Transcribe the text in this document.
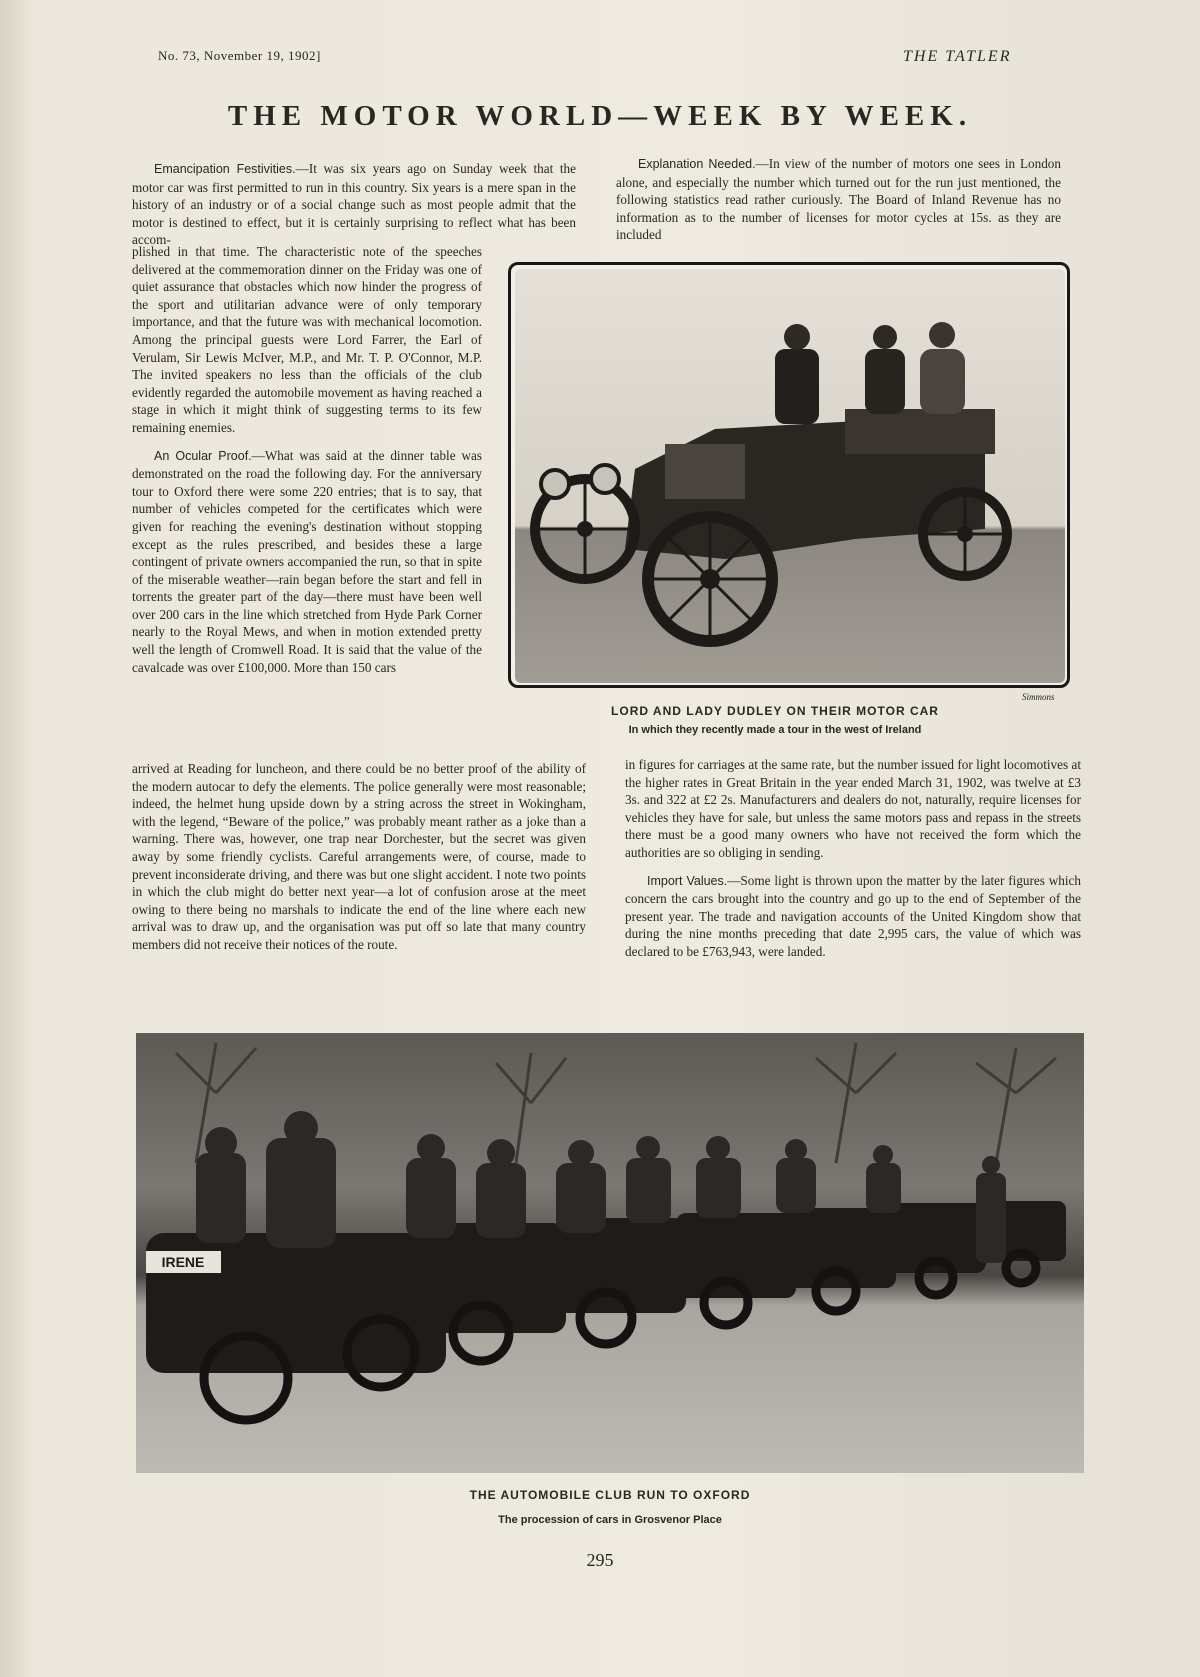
No. 73, November 19, 1902]	THE TATLER
THE MOTOR WORLD—WEEK BY WEEK.

Emancipation Festivities.—It was six years ago on Sunday week that the motor car was first permitted to run in this country. Six years is a mere span in the history of an industry or of a social change such as most people admit that the motor is destined to effect, but it is certainly surprising to reflect what has been accom-

plished in that time. The characteristic note of the speeches delivered at the commemoration dinner on the Friday was one of quiet assurance that obstacles which now hinder the progress of the sport and utilitarian advance were of only temporary importance, and that the future was with mechanical locomotion. Among the principal guests were Lord Farrer, the Earl of Verulam, Sir Lewis McIver, M.P., and Mr. T. P. O'Connor, M.P. The invited speakers no less than the officials of the club evidently regarded the automobile movement as having reached a stage in which it might think of suggesting terms to its few remaining enemies.

An Ocular Proof.—What was said at the dinner table was demonstrated on the road the following day. For the anniversary tour to Oxford there were some 220 entries; that is to say, that number of vehicles competed for the certificates which were given for reaching the evening's destination without stopping except as the rules prescribed, and besides these a large contingent of private owners accompanied the run, so that in spite of the miserable weather—rain began before the start and fell in torrents the greater part of the day—there must have been well over 200 cars in the line which stretched from Hyde Park Corner nearly to the Royal Mews, and when in motion extended pretty well the length of Cromwell Road. It is said that the value of the cavalcade was over £100,000. More than 150 cars

arrived at Reading for luncheon, and there could be no better proof of the ability of the modern autocar to defy the elements. The police generally were most reasonable; indeed, the helmet hung upside down by a string across the street in Wokingham, with the legend, “Beware of the police,” was probably meant rather as a joke than a warning. There was, however, one trap near Dorchester, but the secret was given away by some friendly cyclists. Careful arrangements were, of course, made to prevent inconsiderate driving, and there was but one slight accident. I note two points in which the club might do better next year—a lot of confusion arose at the meet owing to there being no marshals to indicate the end of the line where each new arrival was to draw up, and the organisation was put off so late that many country members did not receive their notices of the route.

Explanation Needed.—In view of the number of motors one sees in London alone, and especially the number which turned out for the run just mentioned, the following statistics read rather curiously. The Board of Inland Revenue has no information as to the number of licenses for motor cycles at 15s. as they are included

Simmons
LORD AND LADY DUDLEY ON THEIR MOTOR CAR
In which they recently made a tour in the west of Ireland

in figures for carriages at the same rate, but the number issued for light locomotives at the higher rates in Great Britain in the year ended March 31, 1902, was twelve at £3 3s. and 322 at £2 2s. Manufacturers and dealers do not, naturally, require licenses for vehicles they have for sale, but unless the same motors pass and repass in the streets there must be a good many owners who have not received the form which the authorities are so obliging in sending.

Import Values.—Some light is thrown upon the matter by the later figures which concern the cars brought into the country and go up to the end of September of the present year. The trade and navigation accounts of the United Kingdom show that during the nine months preceding that date 2,995 cars, the value of which was declared to be £763,943, were landed.

IRENE
THE AUTOMOBILE CLUB RUN TO OXFORD
The procession of cars in Grosvenor Place
295
